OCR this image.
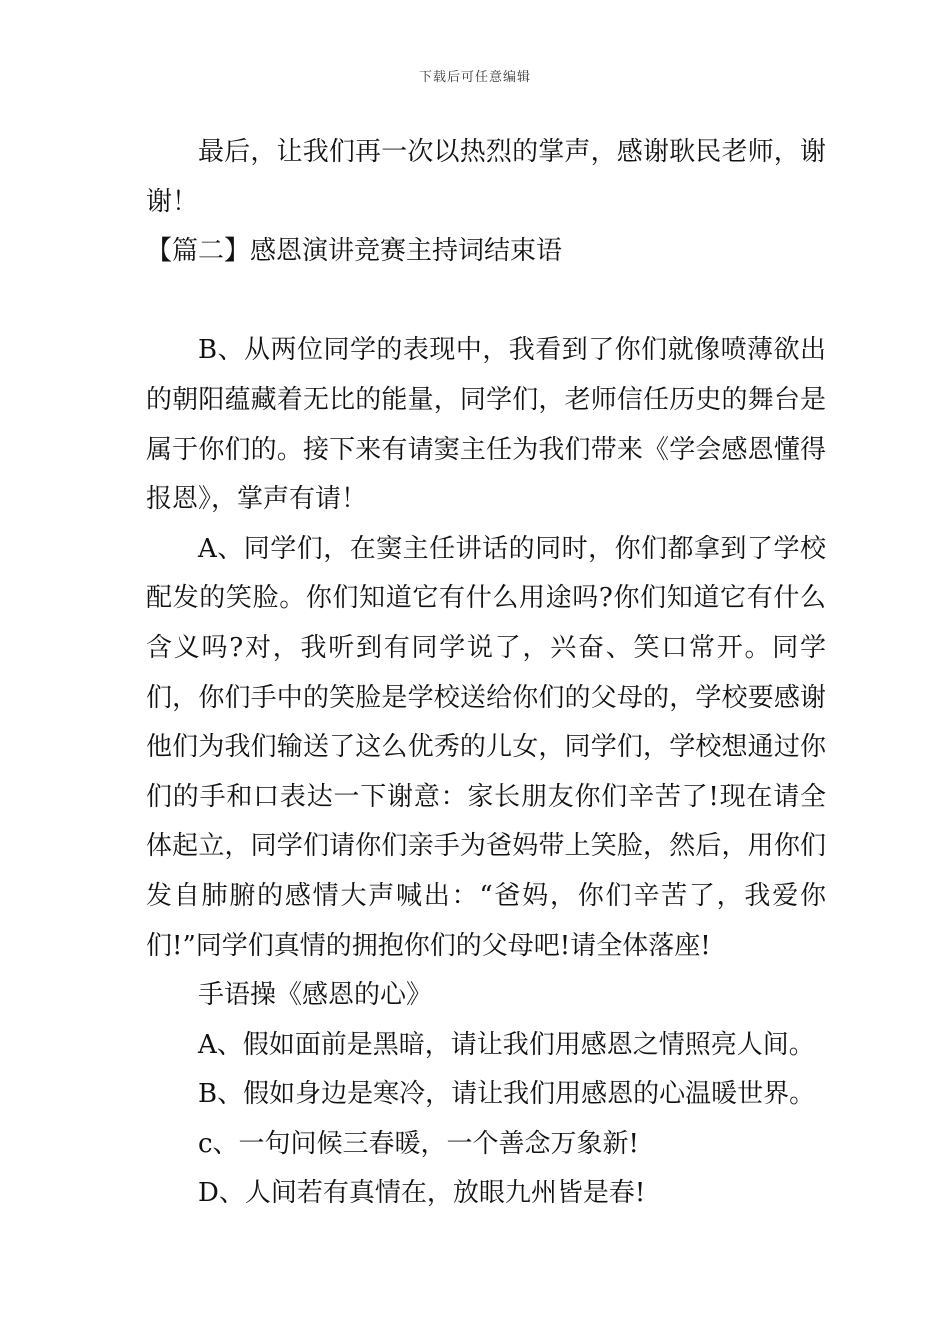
下载后可任意编辑

最后，让我们再一次以热烈的掌声，感谢耿民老师，谢谢！

【篇二】感恩演讲竞赛主持词结束语

B、从两位同学的表现中，我看到了你们就像喷薄欲出的朝阳蕴藏着无比的能量，同学们，老师信任历史的舞台是属于你们的。接下来有请窦主任为我们带来《学会感恩懂得报恩》，掌声有请！

A、同学们，在窦主任讲话的同时，你们都拿到了学校配发的笑脸。你们知道它有什么用途吗?你们知道它有什么含义吗?对，我听到有同学说了，兴奋、笑口常开。同学们，你们手中的笑脸是学校送给你们的父母的，学校要感谢他们为我们输送了这么优秀的儿女，同学们，学校想通过你们的手和口表达一下谢意：家长朋友你们辛苦了!现在请全体起立，同学们请你们亲手为爸妈带上笑脸，然后，用你们发自肺腑的感情大声喊出：“爸妈，你们辛苦了，我爱你们!”同学们真情的拥抱你们的父母吧!请全体落座!

手语操《感恩的心》

A、假如面前是黑暗，请让我们用感恩之情照亮人间。

B、假如身边是寒冷，请让我们用感恩的心温暖世界。

c、一句问候三春暖，一个善念万象新!

D、人间若有真情在，放眼九州皆是春!
